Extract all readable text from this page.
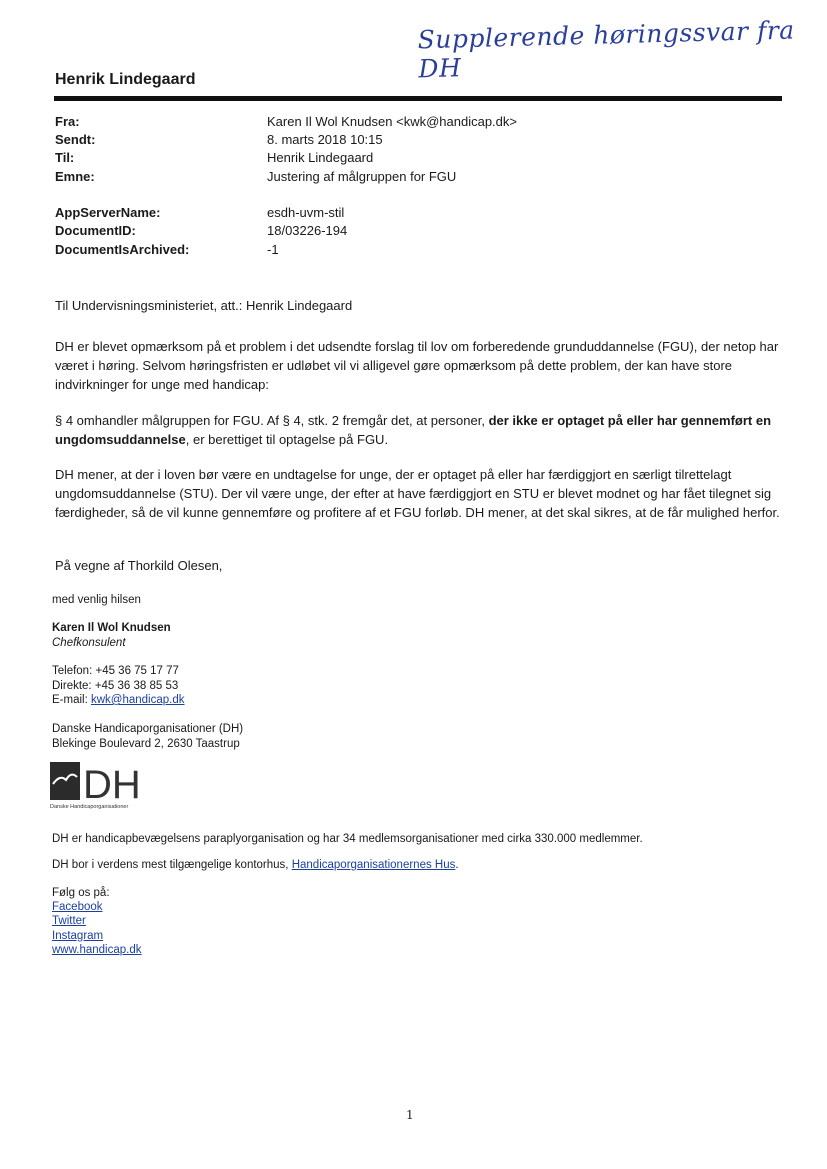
Supplerende høringssvar fra DH
Henrik Lindegaard
Fra:	Karen Il Wol Knudsen <kwk@handicap.dk>
Sendt:	8. marts 2018 10:15
Til:	Henrik Lindegaard
Emne:	Justering af målgruppen for FGU
AppServerName:	esdh-uvm-stil
DocumentID:	18/03226-194
DocumentIsArchived:	-1
Til Undervisningsministeriet, att.: Henrik Lindegaard
DH er blevet opmærksom på et problem i det udsendte forslag til lov om forberedende grunduddannelse (FGU), der netop har været i høring. Selvom høringsfristen er udløbet vil vi alligevel gøre opmærksom på dette problem, der kan have store indvirkninger for unge med handicap:
§ 4 omhandler målgruppen for FGU. Af § 4, stk. 2 fremgår det, at personer, der ikke er optaget på eller har gennemført en ungdomsuddannelse, er berettiget til optagelse på FGU.
DH mener, at der i loven bør være en undtagelse for unge, der er optaget på eller har færdiggjort en særligt tilrettelagt ungdomsuddannelse (STU). Der vil være unge, der efter at have færdiggjort en STU er blevet modnet og har fået tilegnet sig færdigheder, så de vil kunne gennemføre og profitere af et FGU forløb. DH mener, at det skal sikres, at de får mulighed herfor.
På vegne af Thorkild Olesen,
med venlig hilsen
Karen Il Wol Knudsen
Chefkonsulent
Telefon: +45 36 75 17 77
Direkte: +45 36 38 85 53
E-mail: kwk@handicap.dk
Danske Handicaporganisationer (DH)
Blekinge Boulevard 2, 2630 Taastrup
DH
Danske Handicaporganisationer
DH er handicapbevægelsens paraplyorganisation og har 34 medlemsorganisationer med cirka 330.000 medlemmer.
DH bor i verdens mest tilgængelige kontorhus, Handicaporganisationernes Hus.
Følg os på:
Facebook
Twitter
Instagram
www.handicap.dk
1
